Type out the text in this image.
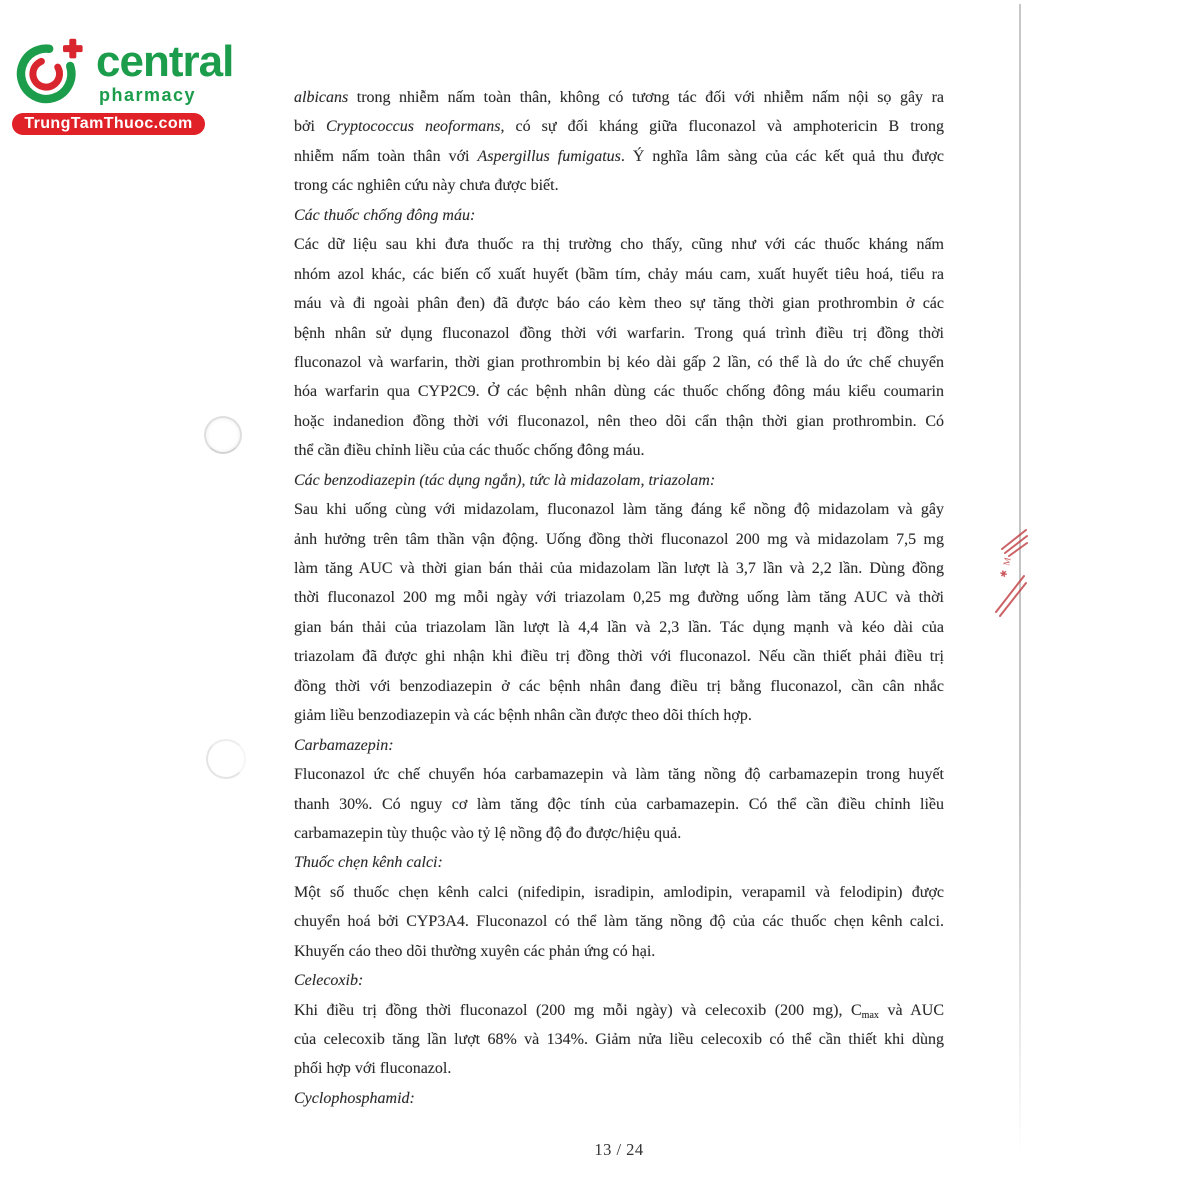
central
pharmacy
TrungTamThuoc.com
albicans trong nhiễm nấm toàn thân, không có tương tác đối với nhiễm nấm nội sọ gây ra
bởi Cryptococcus neoformans, có sự đối kháng giữa fluconazol và amphotericin B trong
nhiễm nấm toàn thân với Aspergillus fumigatus. Ý nghĩa lâm sàng của các kết quả thu được
trong các nghiên cứu này chưa được biết.
Các thuốc chống đông máu:
Các dữ liệu sau khi đưa thuốc ra thị trường cho thấy, cũng như với các thuốc kháng nấm
nhóm azol khác, các biến cố xuất huyết (bầm tím, chảy máu cam, xuất huyết tiêu hoá, tiểu ra
máu và đi ngoài phân đen) đã được báo cáo kèm theo sự tăng thời gian prothrombin ở các
bệnh nhân sử dụng fluconazol đồng thời với warfarin. Trong quá trình điều trị đồng thời
fluconazol và warfarin, thời gian prothrombin bị kéo dài gấp 2 lần, có thể là do ức chế chuyển
hóa warfarin qua CYP2C9. Ở các bệnh nhân dùng các thuốc chống đông máu kiểu coumarin
hoặc indanedion đồng thời với fluconazol, nên theo dõi cẩn thận thời gian prothrombin. Có
thể cần điều chỉnh liều của các thuốc chống đông máu.
Các benzodiazepin (tác dụng ngắn), tức là midazolam, triazolam:
Sau khi uống cùng với midazolam, fluconazol làm tăng đáng kể nồng độ midazolam và gây
ảnh hưởng trên tâm thần vận động. Uống đồng thời fluconazol 200 mg và midazolam 7,5 mg
làm tăng AUC và thời gian bán thải của midazolam lần lượt là 3,7 lần và 2,2 lần. Dùng đồng
thời fluconazol 200 mg mỗi ngày với triazolam 0,25 mg đường uống làm tăng AUC và thời
gian bán thải của triazolam lần lượt là 4,4 lần và 2,3 lần. Tác dụng mạnh và kéo dài của
triazolam đã được ghi nhận khi điều trị đồng thời với fluconazol. Nếu cần thiết phải điều trị
đồng thời với benzodiazepin ở các bệnh nhân đang điều trị bằng fluconazol, cần cân nhắc
giảm liều benzodiazepin và các bệnh nhân cần được theo dõi thích hợp.
Carbamazepin:
Fluconazol ức chế chuyển hóa carbamazepin và làm tăng nồng độ carbamazepin trong huyết
thanh 30%. Có nguy cơ làm tăng độc tính của carbamazepin. Có thể cần điều chỉnh liều
carbamazepin tùy thuộc vào tỷ lệ nồng độ đo được/hiệu quả.
Thuốc chẹn kênh calci:
Một số thuốc chẹn kênh calci (nifedipin, isradipin, amlodipin, verapamil và felodipin) được
chuyển hoá bởi CYP3A4. Fluconazol có thể làm tăng nồng độ của các thuốc chẹn kênh calci.
Khuyến cáo theo dõi thường xuyên các phản ứng có hại.
Celecoxib:
Khi điều trị đồng thời fluconazol (200 mg mỗi ngày) và celecoxib (200 mg), Cmax và AUC
của celecoxib tăng lần lượt 68% và 134%. Giảm nửa liều celecoxib có thể cần thiết khi dùng
phối hợp với fluconazol.
Cyclophosphamid:
13 / 24
M
✱
